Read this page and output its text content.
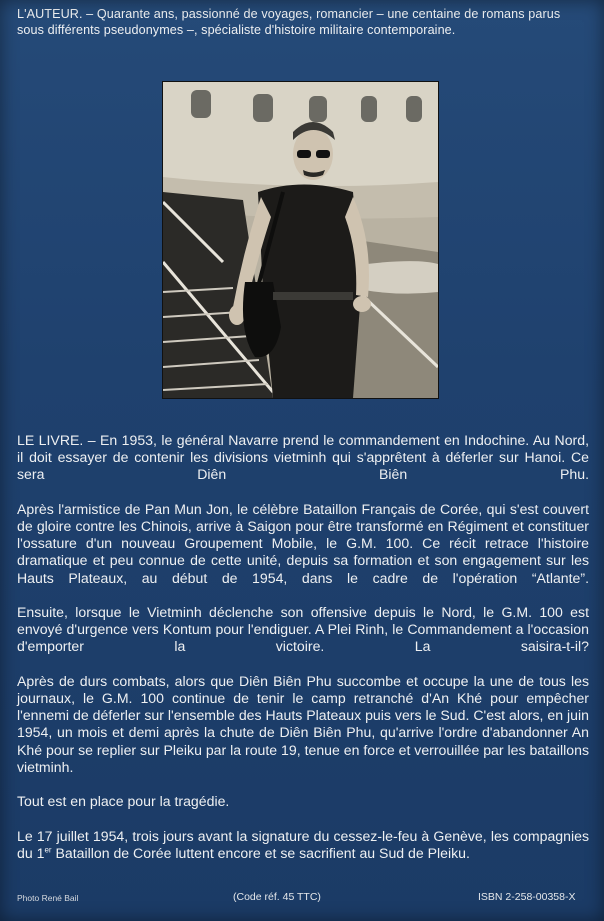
L'AUTEUR. – Quarante ans, passionné de voyages, romancier – une centaine de romans parus
sous différents pseudonymes –, spécialiste d'histoire militaire contemporaine.

LE LIVRE. – En 1953, le général Navarre prend le commandement en Indochine. Au Nord, il doit essayer de contenir les divisions vietminh qui s'apprêtent à déferler sur Hanoi. Ce sera Diên Biên Phu.

Après l'armistice de Pan Mun Jon, le célèbre Bataillon Français de Corée, qui s'est couvert de gloire contre les Chinois, arrive à Saigon pour être transformé en Régiment et constituer l'ossature d'un nouveau Groupement Mobile, le G.M. 100. Ce récit retrace l'histoire dramatique et peu connue de cette unité, depuis sa formation et son engagement sur les Hauts Plateaux, au début de 1954, dans le cadre de l'opération “Atlante”.

Ensuite, lorsque le Vietminh déclenche son offensive depuis le Nord, le G.M. 100 est envoyé d'urgence vers Kontum pour l'endiguer. A Plei Rinh, le Commandement a l'occasion d'emporter la victoire. La saisira-t-il?

Après de durs combats, alors que Diên Biên Phu succombe et occupe la une de tous les journaux, le G.M. 100 continue de tenir le camp retranché d'An Khé pour empêcher l'ennemi de déferler sur l'ensemble des Hauts Plateaux puis vers le Sud. C'est alors, en juin 1954, un mois et demi après la chute de Diên Biên Phu, qu'arrive l'ordre d'abandonner An Khé pour se replier sur Pleiku par la route 19, tenue en force et verrouillée par les bataillons vietminh.

Tout est en place pour la tragédie.

Le 17 juillet 1954, trois jours avant la signature du cessez-le-feu à Genève, les compagnies du 1er Bataillon de Corée luttent encore et se sacrifient au Sud de Pleiku.

Photo René Bail	(Code réf. 45 TTC)	ISBN 2-258-00358-X
